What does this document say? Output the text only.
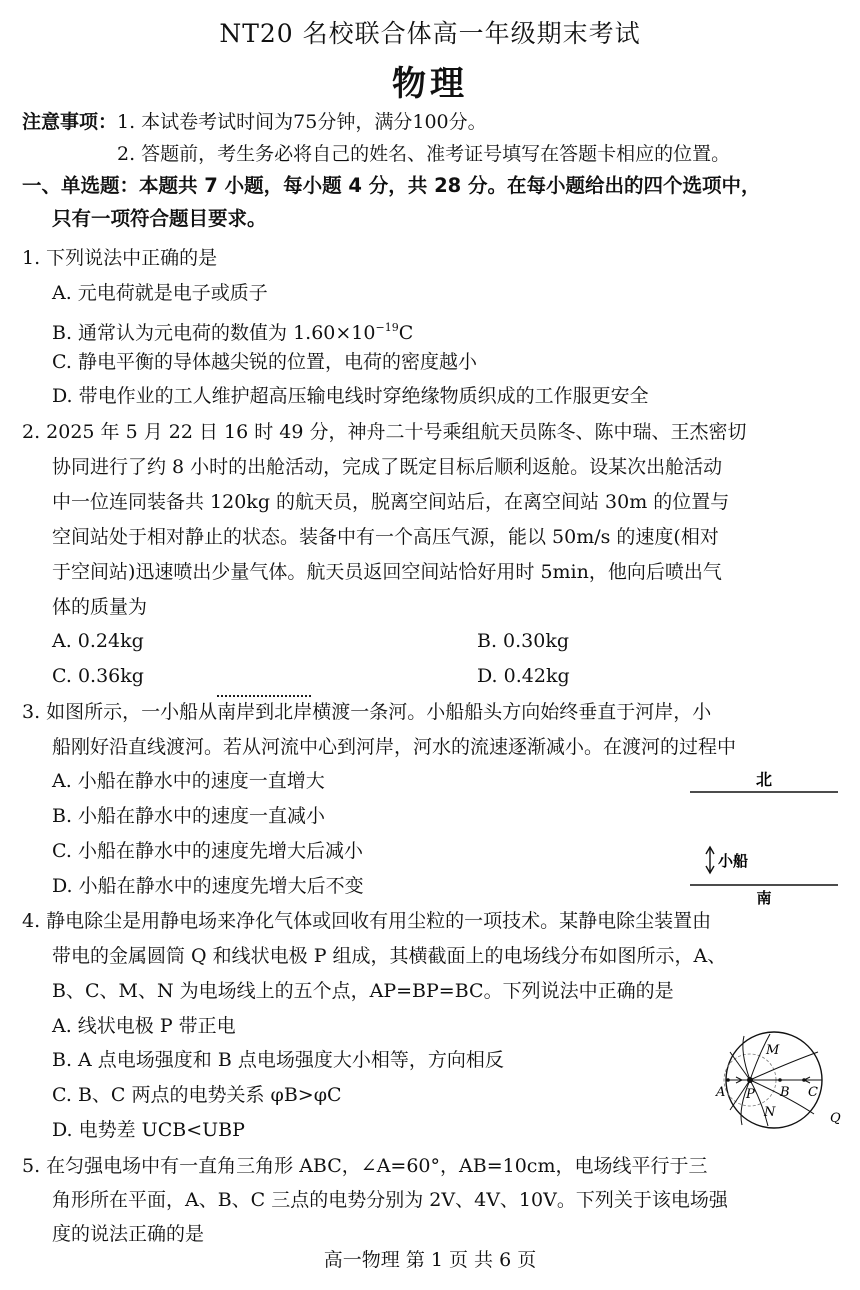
NT20 名校联合体高一年级期末考试
物理
注意事项：1. 本试卷考试时间为75分钟，满分100分。
2. 答题前，考生务必将自己的姓名、准考证号填写在答题卡相应的位置。
一、单选题：本题共 7 小题，每小题 4 分，共 28 分。在每小题给出的四个选项中，
只有一项符合题目要求。
1. 下列说法中正确的是
A. 元电荷就是电子或质子
B. 通常认为元电荷的数值为 $1.60\times 10^{-19}C$
C. 静电平衡的导体越尖锐的位置，电荷的密度越小
D. 带电作业的工人维护超高压输电线时穿绝缘物质织成的工作服更安全
2. 2025 年 5 月 22 日 16 时 49 分，神舟二十号乘组航天员陈冬、陈中瑞、王杰密切
协同进行了约 8 小时的出舱活动，完成了既定目标后顺利返舱。设某次出舱活动
中一位连同装备共 120kg 的航天员，脱离空间站后，在离空间站 30m 的位置与
空间站处于相对静止的状态。装备中有一个高压气源，能以 50m/s 的速度(相对
于空间站)迅速喷出少量气体。航天员返回空间站恰好用时 5min，他向后喷出气
体的质量为
A. 0.24kg	B. 0.30kg
C. 0.36kg	D. 0.42kg
3. 如图所示，一小船从南岸到北岸横渡一条河。小船船头方向始终垂直于河岸，小
船刚好沿直线渡河。若从河流中心到河岸，河水的流速逐渐减小。在渡河的过程中
A. 小船在静水中的速度一直增大
B. 小船在静水中的速度一直减小
C. 小船在静水中的速度先增大后减小
D. 小船在静水中的速度先增大后不变
北
小船
南
4. 静电除尘是用静电场来净化气体或回收有用尘粒的一项技术。某静电除尘装置由
带电的金属圆筒 Q 和线状电极 P 组成，其横截面上的电场线分布如图所示，A、
B、C、M、N 为电场线上的五个点，AP=BP=BC。下列说法中正确的是
A. 线状电极 P 带正电
B. A 点电场强度和 B 点电场强度大小相等，方向相反
C. B、C 两点的电势关系 φB>φC
D. 电势差 UCB<UBP
M
A P B C
N	Q
5. 在匀强电场中有一直角三角形 ABC，∠A=60°，AB=10cm，电场线平行于三
角形所在平面，A、B、C 三点的电势分别为 2V、4V、10V。下列关于该电场强
度的说法正确的是
高一物理 第 1 页 共 6 页
